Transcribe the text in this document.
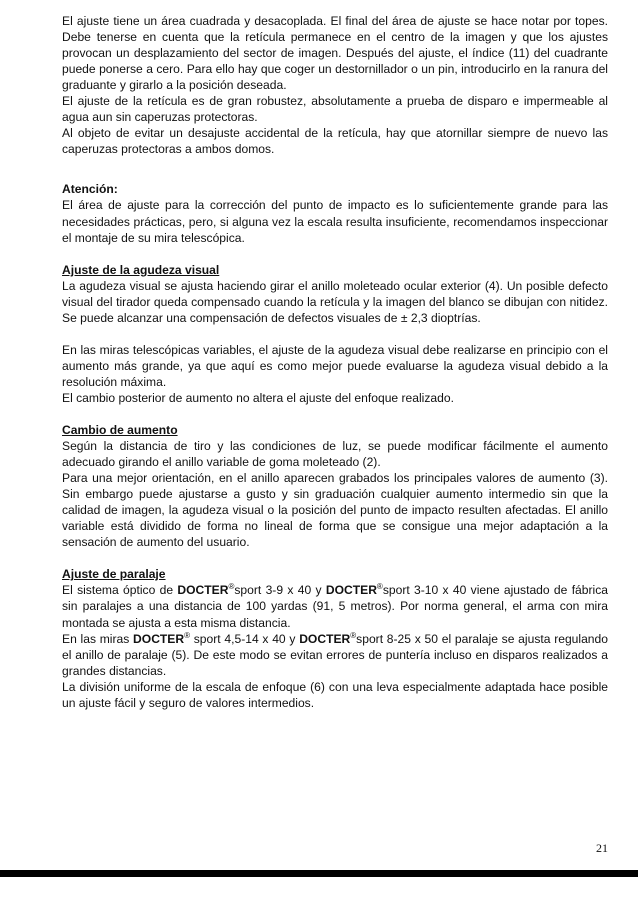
El ajuste tiene un área cuadrada y desacoplada. El final del área de ajuste se hace notar por topes. Debe tenerse en cuenta que la retícula permanece en el centro de la imagen y que los ajustes provocan un desplazamiento del sector de imagen. Después del ajuste, el índice (11) del cuadrante puede ponerse a cero. Para ello hay que coger un destornillador o un pin, introducirlo en la ranura del graduante y girarlo a la posición deseada.

El ajuste de la retícula es de gran robustez, absolutamente a prueba de disparo e impermeable al agua aun sin caperuzas protectoras.

Al objeto de evitar un desajuste accidental de la retícula, hay que atornillar siempre de nuevo las caperuzas protectoras a ambos domos.

Atención:

El área de ajuste para la corrección del punto de impacto es lo suficientemente grande para las necesidades prácticas, pero, si alguna vez la escala resulta insuficiente, recomendamos inspeccionar el montaje de su mira telescópica.

Ajuste de la agudeza visual

La agudeza visual se ajusta haciendo girar el anillo moleteado ocular exterior (4). Un posible defecto visual del tirador queda compensado cuando la retícula y la imagen del blanco se dibujan con nitidez. Se puede alcanzar una compensación de defectos visuales de ± 2,3 dioptrías.

En las miras telescópicas variables, el ajuste de la agudeza visual debe realizarse en principio con el aumento más grande, ya que aquí es como mejor puede evaluarse la agudeza visual debido a la resolución máxima.

El cambio posterior de aumento no altera el ajuste del enfoque realizado.

Cambio de aumento

Según la distancia de tiro y las condiciones de luz, se puede modificar fácilmente el aumento adecuado girando el anillo variable de goma moleteado (2).

Para una mejor orientación, en el anillo aparecen grabados los principales valores de aumento (3). Sin embargo puede ajustarse a gusto y sin graduación cualquier aumento intermedio sin que la calidad de imagen, la agudeza visual o la posición del punto de impacto resulten afectadas. El anillo variable está dividido de forma no lineal de forma que se consigue una mejor adaptación a la sensación de aumento del usuario.

Ajuste de paralaje

El sistema óptico de DOCTER®sport 3-9 x 40 y DOCTER®sport 3-10 x 40 viene ajustado de fábrica sin paralajes a una distancia de 100 yardas (91, 5 metros). Por norma general, el arma con mira montada se ajusta a esta misma distancia.

En las miras DOCTER® sport 4,5-14 x 40 y DOCTER®sport 8-25 x 50 el paralaje se ajusta regulando el anillo de paralaje (5). De este modo se evitan errores de puntería incluso en disparos realizados a grandes distancias.

La división uniforme de la escala de enfoque (6) con una leva especialmente adaptada hace posible un ajuste fácil y seguro de valores intermedios.

21
